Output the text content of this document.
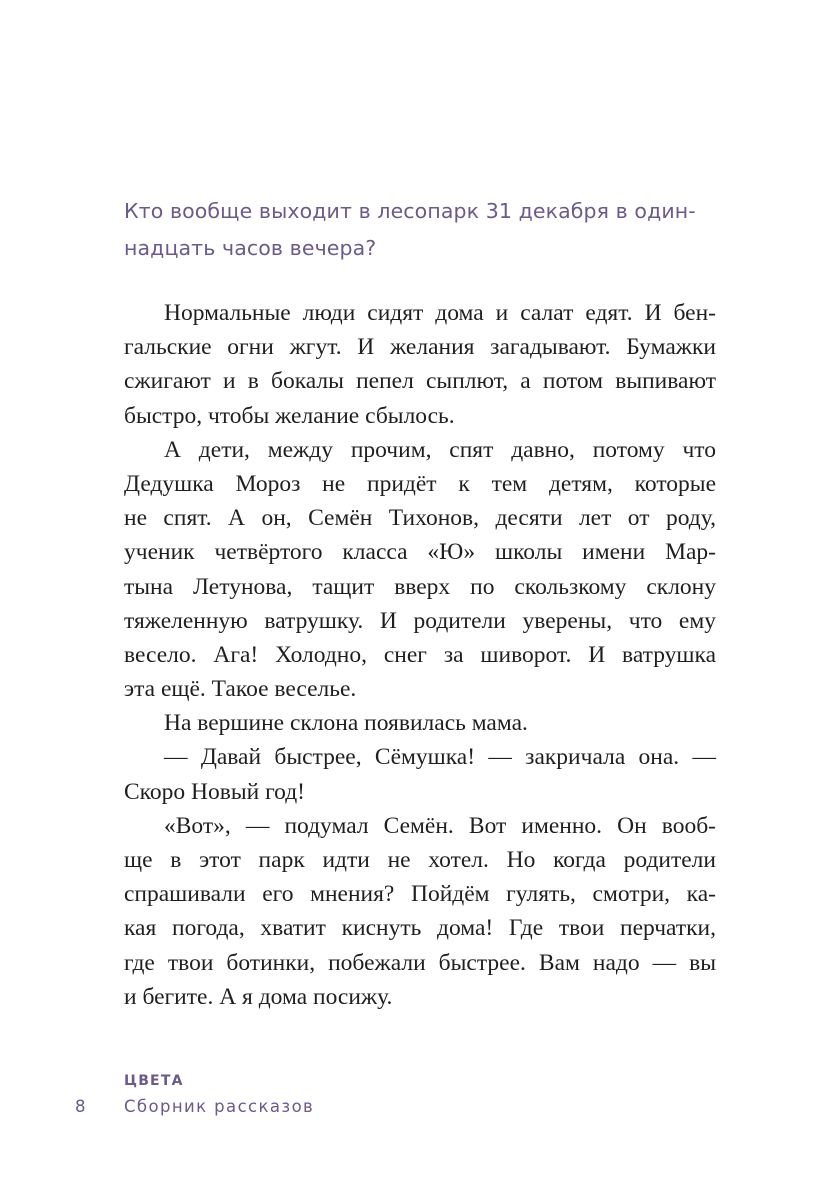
Кто вообще выходит в лесопарк 31 декабря в один-
надцать часов вечера?
Нормальные люди сидят дома и салат едят. И бен-
гальские огни жгут. И желания загадывают. Бумажки
сжигают и в бокалы пепел сыплют, а потом выпивают
быстро, чтобы желание сбылось.
А дети, между прочим, спят давно, потому что
Дедушка Мороз не придёт к тем детям, которые
не спят. А он, Семён Тихонов, десяти лет от роду,
ученик четвёртого класса «Ю» школы имени Мар-
тына Летунова, тащит вверх по скользкому склону
тяжеленную ватрушку. И родители уверены, что ему
весело. Ага! Холодно, снег за шиворот. И ватрушка
эта ещё. Такое веселье.
На вершине склона появилась мама.
— Давай быстрее, Сёмушка! — закричала она. —
Скоро Новый год!
«Вот», — подумал Семён. Вот именно. Он вооб-
ще в этот парк идти не хотел. Но когда родители
спрашивали его мнения? Пойдём гулять, смотри, ка-
кая погода, хватит киснуть дома! Где твои перчатки,
где твои ботинки, побежали быстрее. Вам надо — вы
и бегите. А я дома посижу.
ЦВЕТА
8 Сборник рассказов
